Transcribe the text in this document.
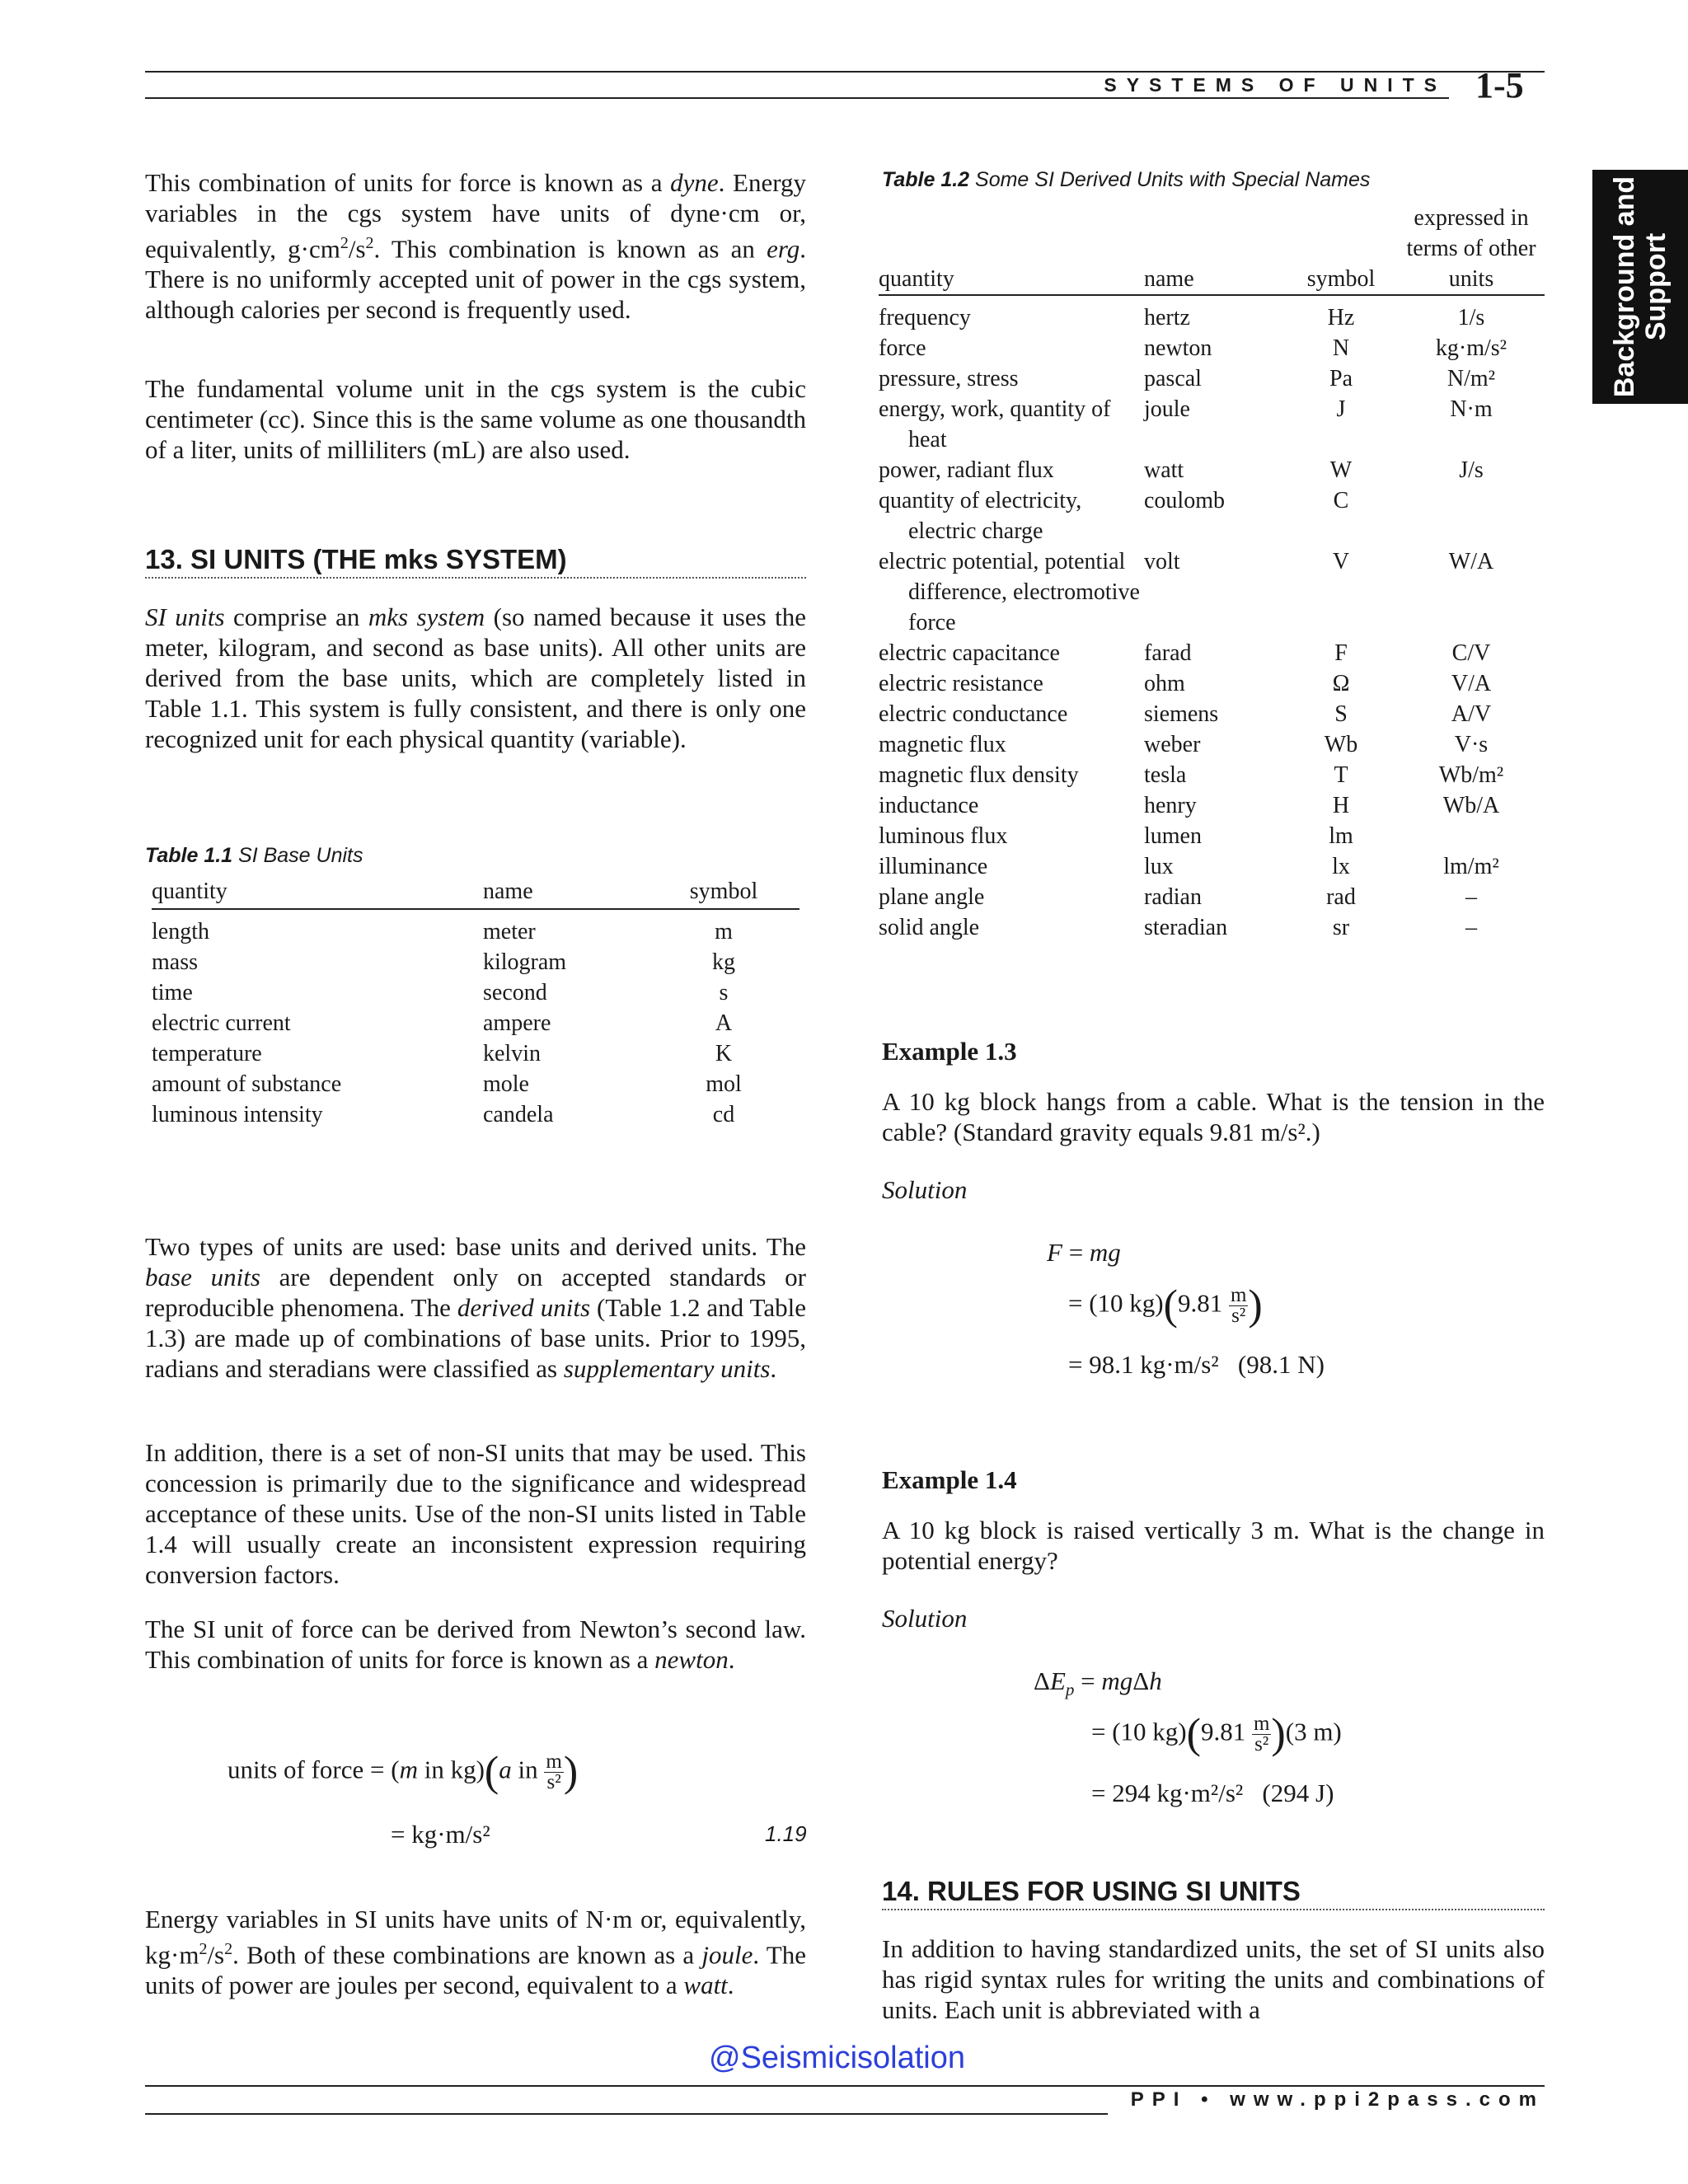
SYSTEMS OF UNITS 1-5
Background and
Support

This combination of units for force is known as a dyne. Energy variables in the cgs system have units of dyne·cm or, equivalently, $g\cdot cm^2/s^2$. This combination is known as an erg. There is no uniformly accepted unit of power in the cgs system, although calories per second is frequently used.

The fundamental volume unit in the cgs system is the cubic centimeter (cc). Since this is the same volume as one thousandth of a liter, units of milliliters (mL) are also used.

13. SI UNITS (THE mks SYSTEM)

SI units comprise an mks system (so named because it uses the meter, kilogram, and second as base units). All other units are derived from the base units, which are completely listed in Table 1.1. This system is fully consistent, and there is only one recognized unit for each physical quantity (variable).

Table 1.1 SI Base Units
quantity	name	symbol
length	meter	m
mass	kilogram	kg
time	second	s
electric current	ampere	A
temperature	kelvin	K
amount of substance	mole	mol
luminous intensity	candela	cd

Two types of units are used: base units and derived units. The base units are dependent only on accepted standards or reproducible phenomena. The derived units (Table 1.2 and Table 1.3) are made up of combinations of base units. Prior to 1995, radians and steradians were classified as supplementary units.

In addition, there is a set of non-SI units that may be used. This concession is primarily due to the significance and widespread acceptance of these units. Use of the non-SI units listed in Table 1.4 will usually create an inconsistent expression requiring conversion factors.

The SI unit of force can be derived from Newton’s second law. This combination of units for force is known as a newton.

units of force = (m in kg)(a in $\frac{m}{\text{s²}}$ )
= kg·m/s²	1.19

Energy variables in SI units have units of N·m or, equivalently, $kg\cdot m^2/s^2$. Both of these combinations are known as a joule. The units of power are joules per second, equivalent to a watt.

Table 1.2 Some SI Derived Units with Special Names
quantity	name	symbol	expressed in terms of other units
frequency	hertz	Hz	1/s
force	newton	N	kg·m/s²
pressure, stress	pascal	Pa	N/m²
energy, work, quantity of heat	joule	J	N·m
power, radiant flux	watt	W	J/s
quantity of electricity, electric charge	coulomb	C	
electric potential, potential difference, electromotive force	volt	V	W/A
electric capacitance	farad	F	C/V
electric resistance	ohm	Ω	V/A
electric conductance	siemens	S	A/V
magnetic flux	weber	Wb	V·s
magnetic flux density	tesla	T	Wb/m²
inductance	henry	H	Wb/A
luminous flux	lumen	lm	
illuminance	lux	lx	lm/m²
plane angle	radian	rad	–
solid angle	steradian	sr	–
Example 1.3

A 10 kg block hangs from a cable. What is the tension in the cable? (Standard gravity equals 9.81 m/s².)

Solution
F = mg
= (10 $kg)(9.81 \frac{m}{\text{s²}}$ )
= 98.1 kg·m/s²   (98.1 N)
Example 1.4

A 10 kg block is raised vertically 3 m. What is the change in potential energy?

Solution
$\Delta E_p = mg\Delta h$
= (10 $kg)(9.81 \frac{m}{\text{s²}} )(3$ m)
= 294 kg·m²/s²   (294 J)
14. RULES FOR USING SI UNITS

In addition to having standardized units, the set of SI units also has rigid syntax rules for writing the units and combinations of units. Each unit is abbreviated with a

@Seismicisolation
PPI • www.ppi2pass.com
